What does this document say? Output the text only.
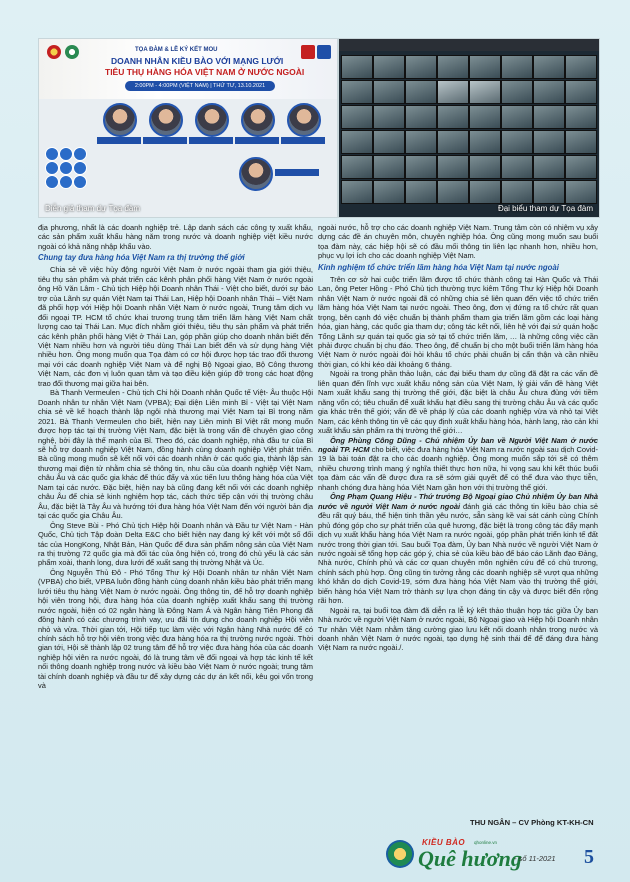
TỌA ĐÀM & LỄ KÝ KẾT MOU
DOANH NHÂN KIỀU BÀO VỚI MẠNG LƯỚI
TIÊU THỤ HÀNG HÓA VIỆT NAM Ở NƯỚC NGOÀI
2:00PM - 4:00PM (VIỆT NAM) | THỨ TƯ, 13.10.2021
Diễn giả tham dự Tọa đàm	Đại biểu tham dự Tọa đàm

địa phương, nhất là các doanh nghiệp trẻ. Lập danh sách các công ty xuất khẩu, các sản phẩm xuất khẩu hàng năm trong nước và doanh nghiệp việt kiều nước ngoài có khả năng nhập khẩu vào.

Chung tay đưa hàng hóa Việt Nam ra thị trường thế giới

Chia sẻ về việc hủy động người Việt Nam ở nước ngoài tham gia giới thiệu, tiêu thụ sản phẩm và phát triển các kênh phân phối hàng Việt Nam ở nước ngoài ông Hồ Văn Lâm - Chủ tịch Hiệp hội Doanh nhân Thái - Việt cho biết, dưới sự bảo trợ của Lãnh sự quán Việt Nam tại Thái Lan, Hiệp hội Doanh nhân Thái – Việt Nam đã phối hợp với Hiệp hội Doanh nhân Việt Nam ở nước ngoài, Trung tâm dịch vụ đối ngoại TP. HCM tổ chức khai trương trung tâm triển lãm hàng Việt Nam chất lượng cao tại Thái Lan. Mục đích nhằm giới thiệu, tiêu thụ sản phẩm và phát triển các kênh phân phối hàng Việt ở Thái Lan, góp phần giúp cho doanh nhân biết đến Việt Nam nhiều hơn và người tiêu dùng Thái Lan biết đến và sử dụng hàng Việt nhiều hơn. Ông mong muốn qua Tọa đàm có cơ hội được hợp tác trao đổi thương mại với các doanh nghiệp Việt Nam và để nghị Bộ Ngoại giao, Bộ Công thương Việt Nam, các đơn vị luôn quan tâm và tạo điều kiện giúp đỡ trong các hoạt động trao đổi thương mại giữa hai bên.

Bà Thanh Vermeulen - Chủ tịch Chi hội Doanh nhân Quốc tế Việt- Âu thuộc Hội Doanh nhân tư nhân Việt Nam (VPBA); Đại diện Liên minh Bỉ - Việt tại Việt Nam chia sẻ về kế hoạch thành lập ngôi nhà thương mại Việt Nam tại Bỉ trong năm 2021. Bà Thanh Vermeulen cho biết, hiện nay Liên minh Bỉ Việt rất mong muốn được hợp tác tại thị trường Việt Nam, đặc biệt là trong vấn đề chuyên giao công nghệ, bởi đây là thế mạnh của Bỉ. Theo đó, các doanh nghiệp, nhà đầu tư của Bỉ sẽ hỗ trợ doanh nghiệp Việt Nam, đồng hành cùng doanh nghiệp Việt phát triển. Bà cũng mong muốn sẽ kết nối với các doanh nhân ở các quốc gia, thành lập sàn thương mại điện tử nhằm chia sẻ thông tin, nhu cầu của doanh nghiệp Việt Nam, châu Âu và các quốc gia khác để thúc đẩy và xúc tiến lưu thông hàng hóa của Việt Nam tại các nước. Đặc biệt, hiện nay bà cũng đang kết nối với các doanh nghiệp châu Âu để chia sẻ kinh nghiệm hợp tác, cách thức tiếp cận với thị trường châu Âu, đặc biệt là Tây Âu và hướng tới đưa hàng hóa Việt Nam đến với người bản địa tại các quốc gia Châu Âu.

Ông Steve Bùi - Phó Chủ tịch Hiệp hội Doanh nhân và Đầu tư Việt Nam - Hàn Quốc, Chủ tịch Tập đoàn Delta E&C cho biết hiện nay đang ký kết với một số đối tác của HongKong, Nhật Bản, Hàn Quốc để đưa sản phẩm nông sản của Việt Nam ra thị trường 72 quốc gia mà đối tác của ông hiện có, trong đó chủ yếu là các sản phẩm xoài, thanh long, dưa lưới để xuất sang thị trường Nhật và Úc.

Ông Nguyễn Thủ Đô - Phó Tổng Thư ký Hội Doanh nhân tư nhân Việt Nam (VPBA) cho biết, VPBA luôn đồng hành cùng doanh nhân kiều bào phát triển mạng lưới tiêu thụ hàng Việt Nam ở nước ngoài. Ông thông tin, để hỗ trợ doanh nghiệp hội viên trong hội, đưa hàng hóa của doanh nghiệp xuất khẩu sang thị trường nước ngoài, hiện có 02 ngân hàng là Đông Nam Á và Ngân hàng Tiên Phong đã đồng hành có các chương trình vay, ưu đãi tín dụng cho doanh nghiệp Hội viên nhỏ và vừa. Thời gian tới, Hội tiếp tục làm việc với Ngân hàng Nhà nước để có chính sách hỗ trợ hội viên trong việc đưa hàng hóa ra thị trường nước ngoài. Thời gian tới, Hội sẽ thành lập 02 trung tâm để hỗ trợ việc đưa hàng hóa của các doanh nghiệp hội viên ra nước ngoài, đó là trung tâm về đối ngoại và hợp tác kinh tế kết nối thông doanh nghiệp trong nước và kiều bào Việt Nam ở nước ngoài; trung tâm tài chính doanh nghiệp và đầu tư để xây dựng các dự án kết nối, kêu gọi vốn trong và

ngoài nước, hỗ trợ cho các doanh nghiệp Việt Nam. Trung tâm còn có nhiệm vụ xây dựng các đề án chuyên môn, chuyên nghiệp hóa. Ông cũng mong muốn sau buổi tọa đàm này, các hiệp hội sẽ có đầu mối thông tin liên lạc nhanh hơn, nhiều hơn, phục vụ lợi ích cho các doanh nghiệp Việt Nam.

Kinh nghiệm tổ chức triển lãm hàng hóa Việt Nam tại nước ngoài

Trên cơ sở hai cuộc triển lãm được tổ chức thành công tại Hàn Quốc và Thái Lan, ông Peter Hồng - Phó Chủ tịch thường trực kiêm Tổng Thư ký Hiệp hội Doanh nhân Việt Nam ở nước ngoài đã có những chia sẻ liên quan đến việc tổ chức triển lãm hàng hóa Việt Nam tại nước ngoài. Theo ông, đơn vị đứng ra tổ chức rất quan trọng, bên cạnh đó việc chuẩn bị thành phẩm tham gia triển lãm gồm các loại hàng hóa, gian hàng, các quốc gia tham dự; công tác kết nối, liên hệ với đại sứ quán hoặc Tổng Lãnh sự quán tại quốc gia sở tại tổ chức triển lãm, … là những công việc cần phải được chuẩn bị chu đáo. Theo ông, để chuẩn bị cho một buổi triển lãm hàng hóa Việt Nam ở nước ngoài đòi hỏi khâu tổ chức phải chuẩn bị cẩn thận và cần nhiều thời gian, có khi kéo dài khoảng 6 tháng.

Ngoài ra trong phần thảo luận, các đại biểu tham dự cũng đã đặt ra các vấn đề liên quan đến lĩnh vực xuất khẩu nông sản của Việt Nam, lý giải vấn đề hàng Việt Nam xuất khẩu sang thị trường thế giới, đặc biệt là châu Âu chưa đủng với tiềm năng vốn có; tiêu chuẩn để xuất khẩu hạt điều sang thị trường châu Âu và các quốc gia khác trên thế giới; vấn đề về pháp lý của các doanh nghiệp vừa và nhỏ tại Việt Nam, các kênh thông tin về các quy định xuất khẩu hàng hóa, hành lang, rào cản khi xuất khẩu sản phẩm ra thị trường thế giới…

Ông Phùng Công Dũng - Chủ nhiệm Ủy ban về Người Việt Nam ở nước ngoài TP. HCM cho biết, việc đưa hàng hóa Việt Nam ra nước ngoài sau dịch Covid-19 là bài toán đặt ra cho các doanh nghiệp. Ông mong muốn sắp tới sẽ có thêm nhiều chương trình mang ý nghĩa thiết thực hơn nữa, hi vọng sau khi kết thúc buổi tọa đàm các vấn đề được đưa ra sẽ sớm giải quyết để có thể đưa vào thực tiễn, nhanh chóng đưa hàng hóa Việt Nam gần hơn với thị trường thế giới.

Ông Phạm Quang Hiệu - Thứ trưởng Bộ Ngoại giao Chủ nhiệm Ủy ban Nhà nước về người Việt Nam ở nước ngoài đánh giá các thông tin kiều bào chia sẻ đều rất quý báu, thể hiện tinh thần yêu nước, sẵn sàng kề vai sát cánh cùng Chính phủ đóng góp cho sự phát triển của quê hương, đặc biệt là trong công tác đẩy mạnh dịch vụ xuất khẩu hàng hóa Việt Nam ra nước ngoài, góp phần phát triển kinh tế đất nước trong thời gian tới. Sau buổi Tọa đàm, Ủy ban Nhà nước về người Việt Nam ở nước ngoài sẽ tổng hợp các góp ý, chia sẻ của kiều bào để báo cáo Lãnh đạo Đảng, Nhà nước, Chính phủ và các cơ quan chuyên môn nghiên cứu để có chủ trương, chính sách phù hợp. Ông cũng tin tưởng rằng các doanh nghiệp sẽ vượt qua những khó khăn do dịch Covid-19, sớm đưa hàng hóa Việt Nam vào thị trường thế giới, biến hàng hóa Việt Nam trở thành sự lựa chọn đáng tin cậy và được biết đến rộng rãi hơn.

Ngoài ra, tại buổi toạ đàm đã diễn ra lễ ký kết thảo thuận hợp tác giữa Ủy ban Nhà nước về người Việt Nam ở nước ngoài, Bộ Ngoại giao và Hiệp hội Doanh nhân Tư nhân Việt Nam nhằm tăng cường giao lưu kết nối doanh nhân trong nước và doanh nhân Việt Nam ở nước ngoài, tạo dựng hệ sinh thái để để đáng đưa hàng Việt Nam ra nước ngoài./.

THU NGÂN – CV Phòng KT-KH-CN
KIỀU BÀO qhonline.vn
Quê hương
- số 11-2021 5
